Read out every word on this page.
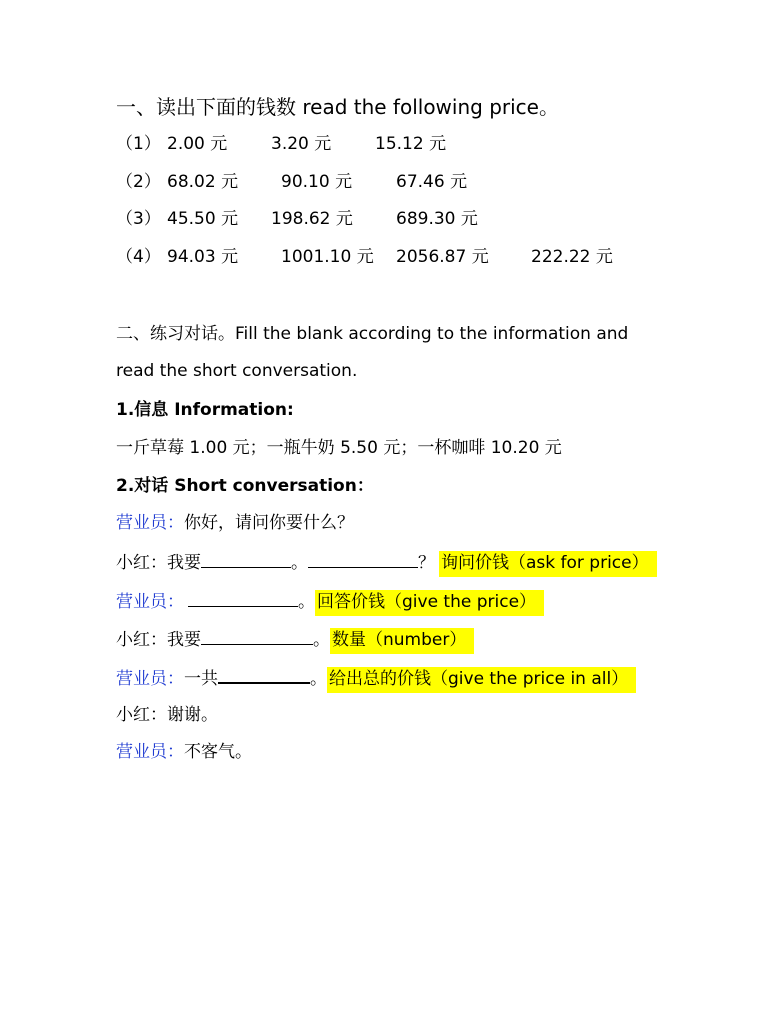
一、读出下面的钱数 read the following price。
（1） 2.00 元	3.20 元	15.12 元
（2） 68.02 元	90.10 元	67.46 元
（3） 45.50 元 198.62 元	689.30 元
（4） 94.03 元	1001.10 元 2056.87 元 222.22 元
二、练习对话。Fill the blank according to the information and
read the short conversation.
1.信息 Information:
一斤草莓 1.00 元；一瓶牛奶 5.50 元；一杯咖啡 10.20 元
2.对话 Short conversation：
营业员：你好，请问你要什么？
小红：我要	。	？ 询问价钱（ask for price）
营业员：	。 回答价钱（give the price）
小红：我要	。 数量（number）
营业员：一共	。 给出总的价钱（give the price in all）
小红：谢谢。
营业员：不客气。
